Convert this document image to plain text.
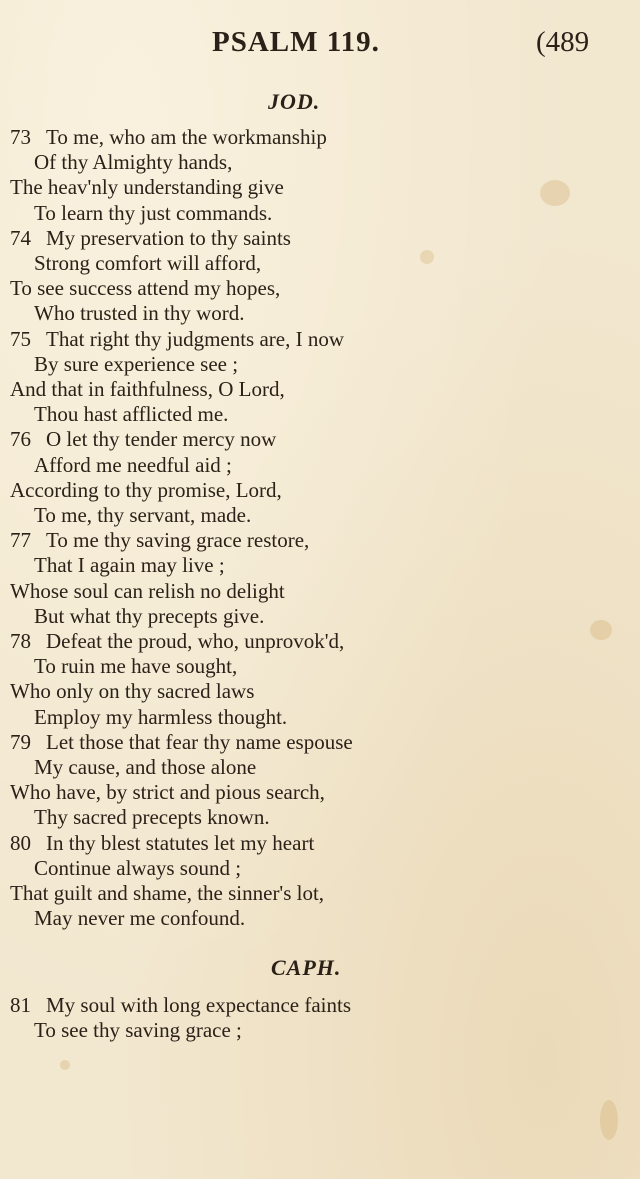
PSALM 119.	(489
JOD.
73 To me, who am the workmanship
Of thy Almighty hands,
The heav'nly understanding give
To learn thy just commands.
74 My preservation to thy saints
Strong comfort will afford,
To see success attend my hopes,
Who trusted in thy word.
75 That right thy judgments are, I now
By sure experience see ;
And that in faithfulness, O Lord,
Thou hast afflicted me.
76 O let thy tender mercy now
Afford me needful aid ;
According to thy promise, Lord,
To me, thy servant, made.
77 To me thy saving grace restore,
That I again may live ;
Whose soul can relish no delight
But what thy precepts give.
78 Defeat the proud, who, unprovok'd,
To ruin me have sought,
Who only on thy sacred laws
Employ my harmless thought.
79 Let those that fear thy name espouse
My cause, and those alone
Who have, by strict and pious search,
Thy sacred precepts known.
80 In thy blest statutes let my heart
Continue always sound ;
That guilt and shame, the sinner's lot,
May never me confound.
CAPH.
81 My soul with long expectance faints
To see thy saving grace ;
